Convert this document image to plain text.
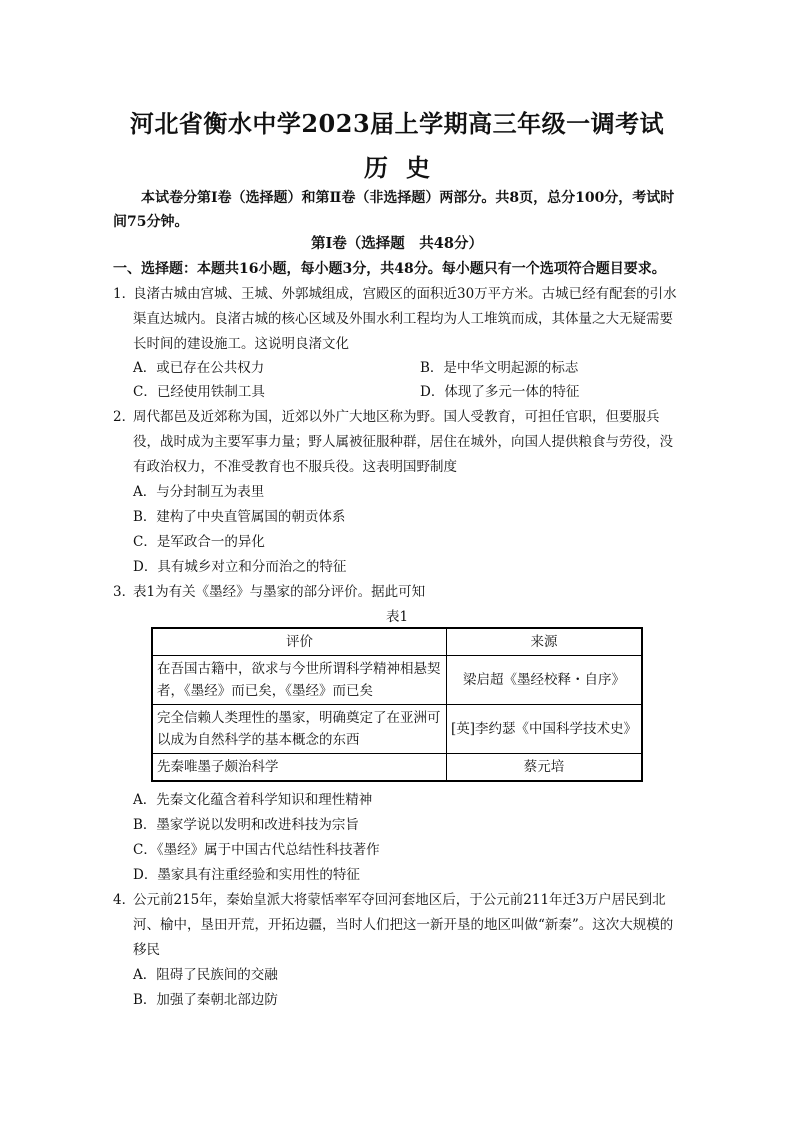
河北省衡水中学2023届上学期高三年级一调考试
历史
本试卷分第Ⅰ卷（选择题）和第Ⅱ卷（非选择题）两部分。共8页，总分100分，考试时间75分钟。
第Ⅰ卷（选择题　共48分）
一、选择题：本题共16小题，每小题3分，共48分。每小题只有一个选项符合题目要求。
1．
良渚古城由宫城、王城、外郭城组成，宫殿区的面积近30万平方米。古城已经有配套的引水渠直达城内。良渚古城的核心区域及外围水利工程均为人工堆筑而成，其体量之大无疑需要长时间的建设施工。这说明良渚文化
A．或已存在公共权力	B．是中华文明起源的标志
C．已经使用铁制工具	D．体现了多元一体的特征
2．
周代都邑及近郊称为国，近郊以外广大地区称为野。国人受教育，可担任官职，但要服兵役，战时成为主要军事力量；野人属被征服种群，居住在城外，向国人提供粮食与劳役，没有政治权力，不准受教育也不服兵役。这表明国野制度
A．与分封制互为表里
B．建构了中央直管属国的朝贡体系
C．是军政合一的异化
D．具有城乡对立和分而治之的特征
3．
表1为有关《墨经》与墨家的部分评价。据此可知
表1
评价	来源
在吾国古籍中，欲求与今世所谓科学精神相悬契者，《墨经》而已矣，《墨经》而已矣	梁启超《墨经校释・自序》
完全信赖人类理性的墨家，明确奠定了在亚洲可以成为自然科学的基本概念的东西	[英]李约瑟《中国科学技术史》
先秦唯墨子颇治科学	蔡元培
A．先秦文化蕴含着科学知识和理性精神
B．墨家学说以发明和改进科技为宗旨
C．《墨经》属于中国古代总结性科技著作
D．墨家具有注重经验和实用性的特征
4．
公元前215年，秦始皇派大将蒙恬率军夺回河套地区后，于公元前211年迁3万户居民到北河、榆中，垦田开荒，开拓边疆，当时人们把这一新开垦的地区叫做“新秦”。这次大规模的移民
A．阻碍了民族间的交融
B．加强了秦朝北部边防
